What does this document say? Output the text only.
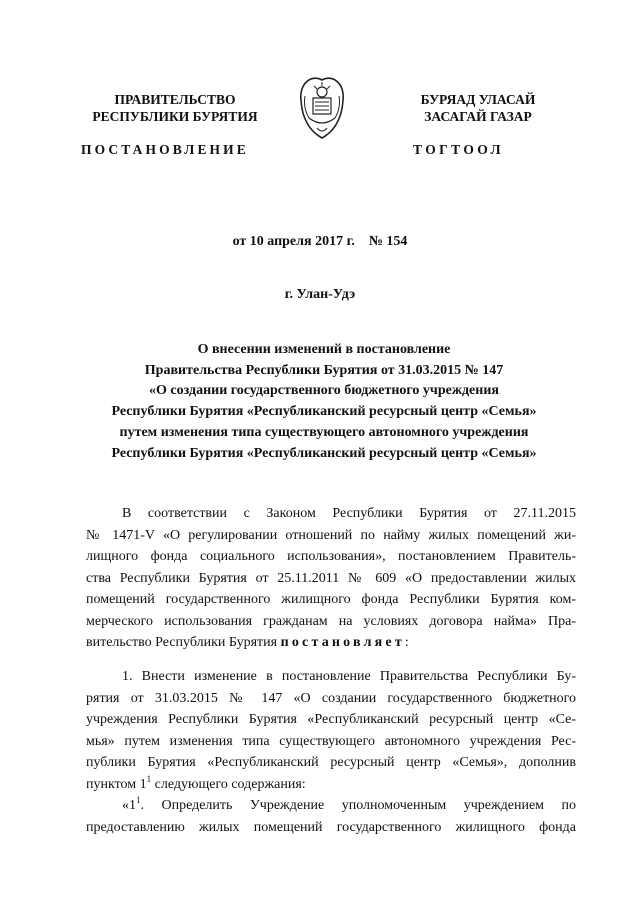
ПРАВИТЕЛЬСТВО
РЕСПУБЛИКИ БУРЯТИЯ
БУРЯАД УЛАСАЙ
ЗАСАГАЙ ГАЗАР
ПОСТАНОВЛЕНИЕ	ТОГТООЛ
от 10 апреля 2017 г. № 154
г. Улан-Удэ
О внесении изменений в постановление
Правительства Республики Бурятия от 31.03.2015 № 147
«О создании государственного бюджетного учреждения
Республики Бурятия «Республиканский ресурсный центр «Семья»
путем изменения типа существующего автономного учреждения
Республики Бурятия «Республиканский ресурсный центр «Семья»
В соответствии с Законом Республики Бурятия от 27.11.2015
№ 1471-V «О регулировании отношений по найму жилых помещений жи-
лищного фонда социального использования», постановлением Правитель-
ства Республики Бурятия от 25.11.2011 № 609 «О предоставлении жилых
помещений государственного жилищного фонда Республики Бурятия ком-
мерческого использования гражданам на условиях договора найма» Пра-
вительство Республики Бурятия постановляет:
1. Внести изменение в постановление Правительства Республики Бу-
рятия от 31.03.2015 № 147 «О создании государственного бюджетного
учреждения Республики Бурятия «Республиканский ресурсный центр «Се-
мья» путем изменения типа существующего автономного учреждения Рес-
публики Бурятия «Республиканский ресурсный центр «Семья», дополнив
пунктом $1^1$ следующего содержания:
«$1^1$. Определить Учреждение уполномоченным учреждением по
предоставлению жилых помещений государственного жилищного фонда
